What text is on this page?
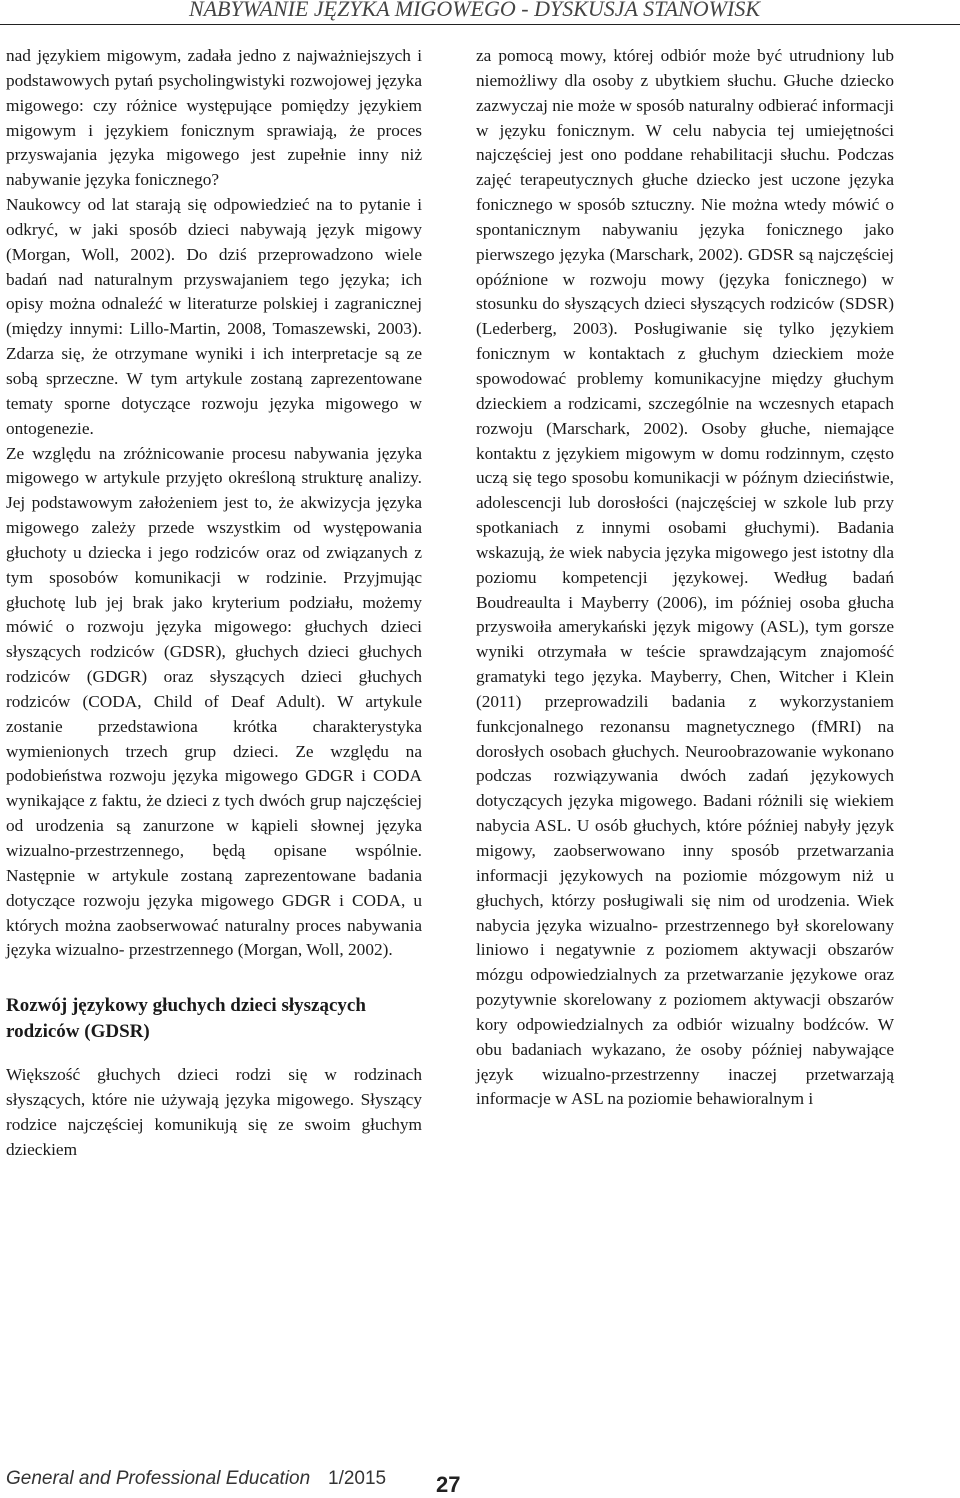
NABYWANIE JĘZYKA MIGOWEGO - DYSKUSJA STANOWISK

nad językiem migowym, zadała jedno z najważniejszych i podstawowych pytań psycholingwistyki rozwojowej języka migowego: czy różnice występujące pomiędzy językiem migowym i językiem fonicznym sprawiają, że proces przyswajania języka migowego jest zupełnie inny niż nabywanie języka fonicznego?

Naukowcy od lat starają się odpowiedzieć na to pytanie i odkryć, w jaki sposób dzieci nabywają język migowy (Morgan, Woll, 2002). Do dziś przeprowadzono wiele badań nad naturalnym przyswajaniem tego języka; ich opisy można odnaleźć w literaturze polskiej i zagranicznej (między innymi: Lillo-Martin, 2008, Tomaszewski, 2003). Zdarza się, że otrzymane wyniki i ich interpretacje są ze sobą sprzeczne. W tym artykule zostaną zaprezentowane tematy sporne dotyczące rozwoju języka migowego w ontogenezie.

Ze względu na zróżnicowanie procesu nabywania języka migowego w artykule przyjęto określoną strukturę analizy. Jej podstawowym założeniem jest to, że akwizycja języka migowego zależy przede wszystkim od występowania głuchoty u dziecka i jego rodziców oraz od związanych z tym sposobów komunikacji w rodzinie. Przyjmując głuchotę lub jej brak jako kryterium podziału, możemy mówić o rozwoju języka migowego: głuchych dzieci słyszących rodziców (GDSR), głuchych dzieci głuchych rodziców (GDGR) oraz słyszących dzieci głuchych rodziców (CODA, Child of Deaf Adult). W artykule zostanie przedstawiona krótka charakterystyka wymienionych trzech grup dzieci. Ze względu na podobieństwa rozwoju języka migowego GDGR i CODA wynikające z faktu, że dzieci z tych dwóch grup najczęściej od urodzenia są zanurzone w kąpieli słownej języka wizualno-przestrzennego, będą opisane wspólnie. Następnie w artykule zostaną zaprezentowane badania dotyczące rozwoju języka migowego GDGR i CODA, u których można zaobserwować naturalny proces nabywania języka wizualno- przestrzennego (Morgan, Woll, 2002).

Rozwój językowy głuchych dzieci słyszących rodziców (GDSR)

Większość głuchych dzieci rodzi się w rodzinach słyszących, które nie używają języka migowego. Słyszący rodzice najczęściej komunikują się ze swoim głuchym dzieckiem

za pomocą mowy, której odbiór może być utrudniony lub niemożliwy dla osoby z ubytkiem słuchu. Głuche dziecko zazwyczaj nie może w sposób naturalny odbierać informacji w języku fonicznym. W celu nabycia tej umiejętności najczęściej jest ono poddane rehabilitacji słuchu. Podczas zajęć terapeutycznych głuche dziecko jest uczone języka fonicznego w sposób sztuczny. Nie można wtedy mówić o spontanicznym nabywaniu języka fonicznego jako pierwszego języka (Marschark, 2002). GDSR są najczęściej opóźnione w rozwoju mowy (języka fonicznego) w stosunku do słyszących dzieci słyszących rodziców (SDSR)(Lederberg, 2003). Posługiwanie się tylko językiem fonicznym w kontaktach z głuchym dzieckiem może spowodować problemy komunikacyjne między głuchym dzieckiem a rodzicami, szczególnie na wczesnych etapach rozwoju (Marschark, 2002). Osoby głuche, niemające kontaktu z językiem migowym w domu rodzinnym, często uczą się tego sposobu komunikacji w późnym dzieciństwie, adolescencji lub dorosłości (najczęściej w szkole lub przy spotkaniach z innymi osobami głuchymi). Badania wskazują, że wiek nabycia języka migowego jest istotny dla poziomu kompetencji językowej. Według badań Boudreaulta i Mayberry (2006), im później osoba głucha przyswoiła amerykański język migowy (ASL), tym gorsze wyniki otrzymała w teście sprawdzającym znajomość gramatyki tego języka. Mayberry, Chen, Witcher i Klein (2011) przeprowadzili badania z wykorzystaniem funkcjonalnego rezonansu magnetycznego (fMRI) na dorosłych osobach głuchych. Neuroobrazowanie wykonano podczas rozwiązywania dwóch zadań językowych dotyczących języka migowego. Badani różnili się wiekiem nabycia ASL. U osób głuchych, które później nabyły język migowy, zaobserwowano inny sposób przetwarzania informacji językowych na poziomie mózgowym niż u głuchych, którzy posługiwali się nim od urodzenia. Wiek nabycia języka wizualno- przestrzennego był skorelowany liniowo i negatywnie z poziomem aktywacji obszarów mózgu odpowiedzialnych za przetwarzanie językowe oraz pozytywnie skorelowany z poziomem aktywacji obszarów kory odpowiedzialnych za odbiór wizualny bodźców. W obu badaniach wykazano, że osoby później nabywające język wizualno-przestrzenny inaczej przetwarzają informacje w ASL na poziomie behawioralnym i

General and Professional Education 1/2015 27
